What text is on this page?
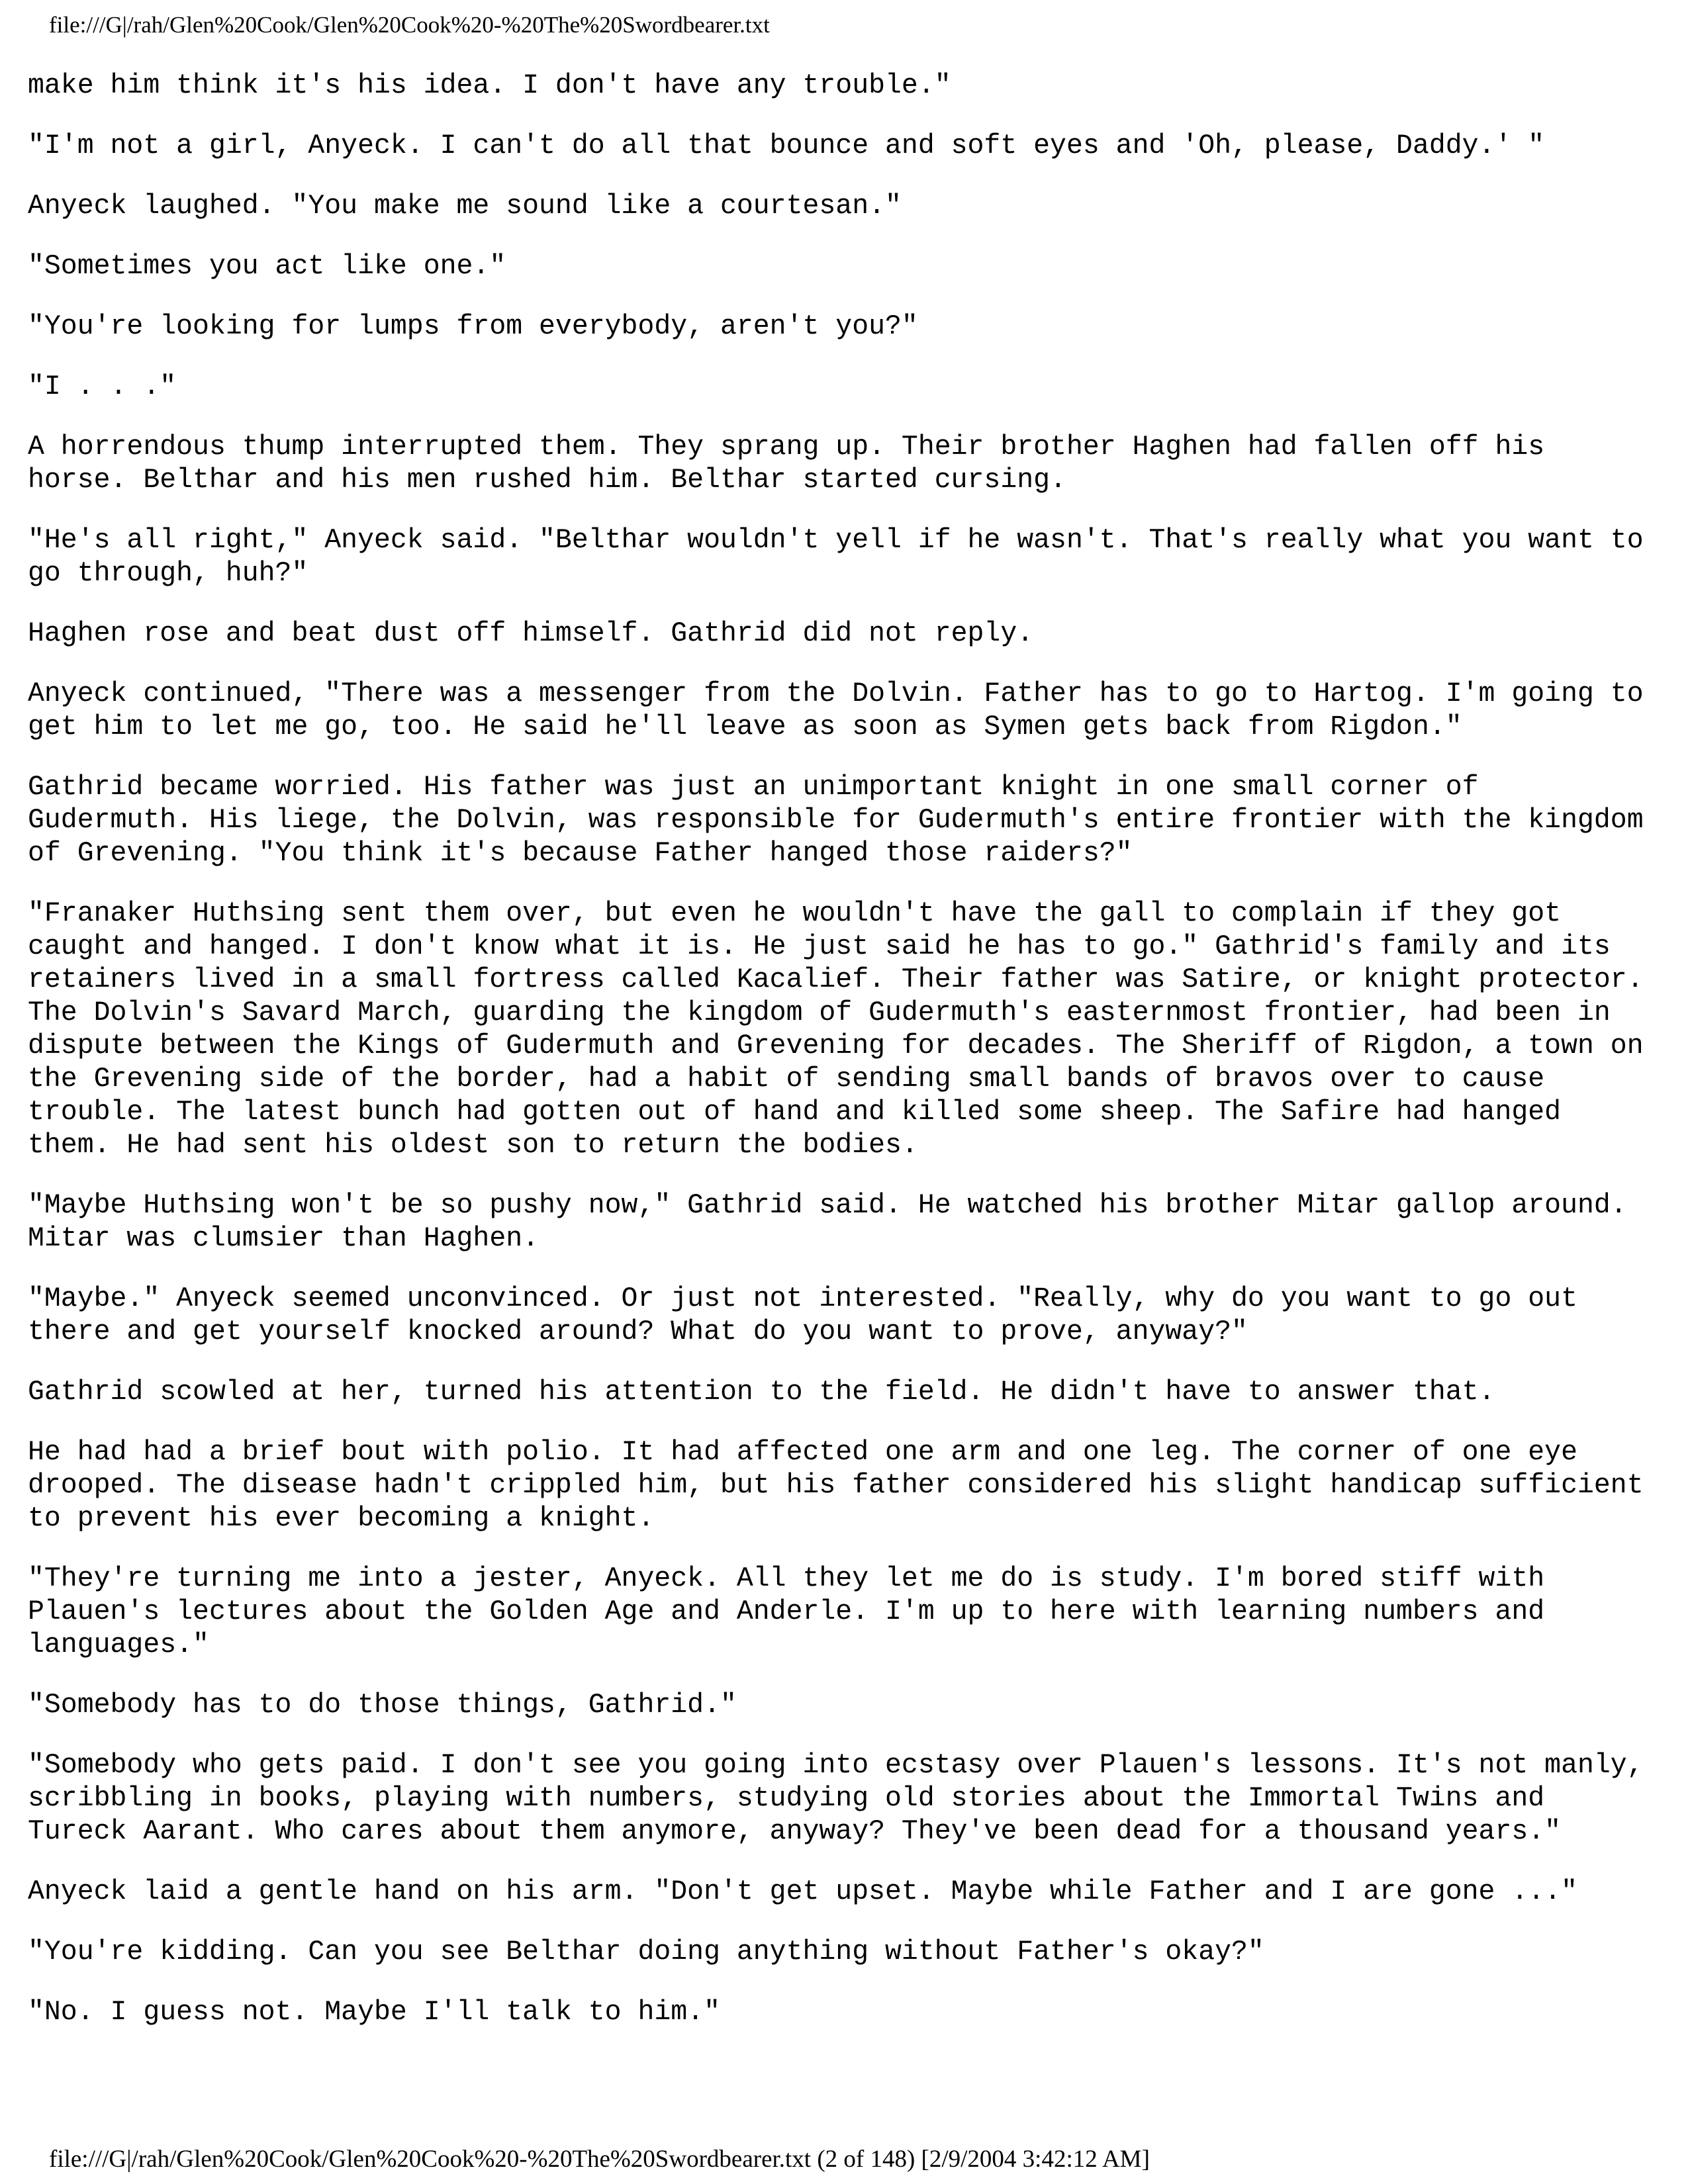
file:///G|/rah/Glen%20Cook/Glen%20Cook%20-%20The%20Swordbearer.txt

make him think it's his idea. I don't have any trouble."

"I'm not a girl, Anyeck. I can't do all that bounce and soft eyes and 'Oh, please, Daddy.' "

Anyeck laughed. "You make me sound like a courtesan."

"Sometimes you act like one."

"You're looking for lumps from everybody, aren't you?"

"I . . ."

A horrendous thump interrupted them. They sprang up. Their brother Haghen had fallen off his
horse. Belthar and his men rushed him. Belthar started cursing.

"He's all right," Anyeck said. "Belthar wouldn't yell if he wasn't. That's really what you want to
go through, huh?"

Haghen rose and beat dust off himself. Gathrid did not reply.

Anyeck continued, "There was a messenger from the Dolvin. Father has to go to Hartog. I'm going to
get him to let me go, too. He said he'll leave as soon as Symen gets back from Rigdon."

Gathrid became worried. His father was just an unimportant knight in one small corner of
Gudermuth. His liege, the Dolvin, was responsible for Gudermuth's entire frontier with the kingdom
of Grevening. "You think it's because Father hanged those raiders?"

"Franaker Huthsing sent them over, but even he wouldn't have the gall to complain if they got
caught and hanged. I don't know what it is. He just said he has to go." Gathrid's family and its
retainers lived in a small fortress called Kacalief. Their father was Satire, or knight protector.
The Dolvin's Savard March, guarding the kingdom of Gudermuth's easternmost frontier, had been in
dispute between the Kings of Gudermuth and Grevening for decades. The Sheriff of Rigdon, a town on
the Grevening side of the border, had a habit of sending small bands of bravos over to cause
trouble. The latest bunch had gotten out of hand and killed some sheep. The Safire had hanged
them. He had sent his oldest son to return the bodies.

"Maybe Huthsing won't be so pushy now," Gathrid said. He watched his brother Mitar gallop around.
Mitar was clumsier than Haghen.

"Maybe." Anyeck seemed unconvinced. Or just not interested. "Really, why do you want to go out
there and get yourself knocked around? What do you want to prove, anyway?"

Gathrid scowled at her, turned his attention to the field. He didn't have to answer that.

He had had a brief bout with polio. It had affected one arm and one leg. The corner of one eye
drooped. The disease hadn't crippled him, but his father considered his slight handicap sufficient
to prevent his ever becoming a knight.

"They're turning me into a jester, Anyeck. All they let me do is study. I'm bored stiff with
Plauen's lectures about the Golden Age and Anderle. I'm up to here with learning numbers and
languages."

"Somebody has to do those things, Gathrid."

"Somebody who gets paid. I don't see you going into ecstasy over Plauen's lessons. It's not manly,
scribbling in books, playing with numbers, studying old stories about the Immortal Twins and
Tureck Aarant. Who cares about them anymore, anyway? They've been dead for a thousand years."

Anyeck laid a gentle hand on his arm. "Don't get upset. Maybe while Father and I are gone ..."

"You're kidding. Can you see Belthar doing anything without Father's okay?"

"No. I guess not. Maybe I'll talk to him."

file:///G|/rah/Glen%20Cook/Glen%20Cook%20-%20The%20Swordbearer.txt (2 of 148) [2/9/2004 3:42:12 AM]
